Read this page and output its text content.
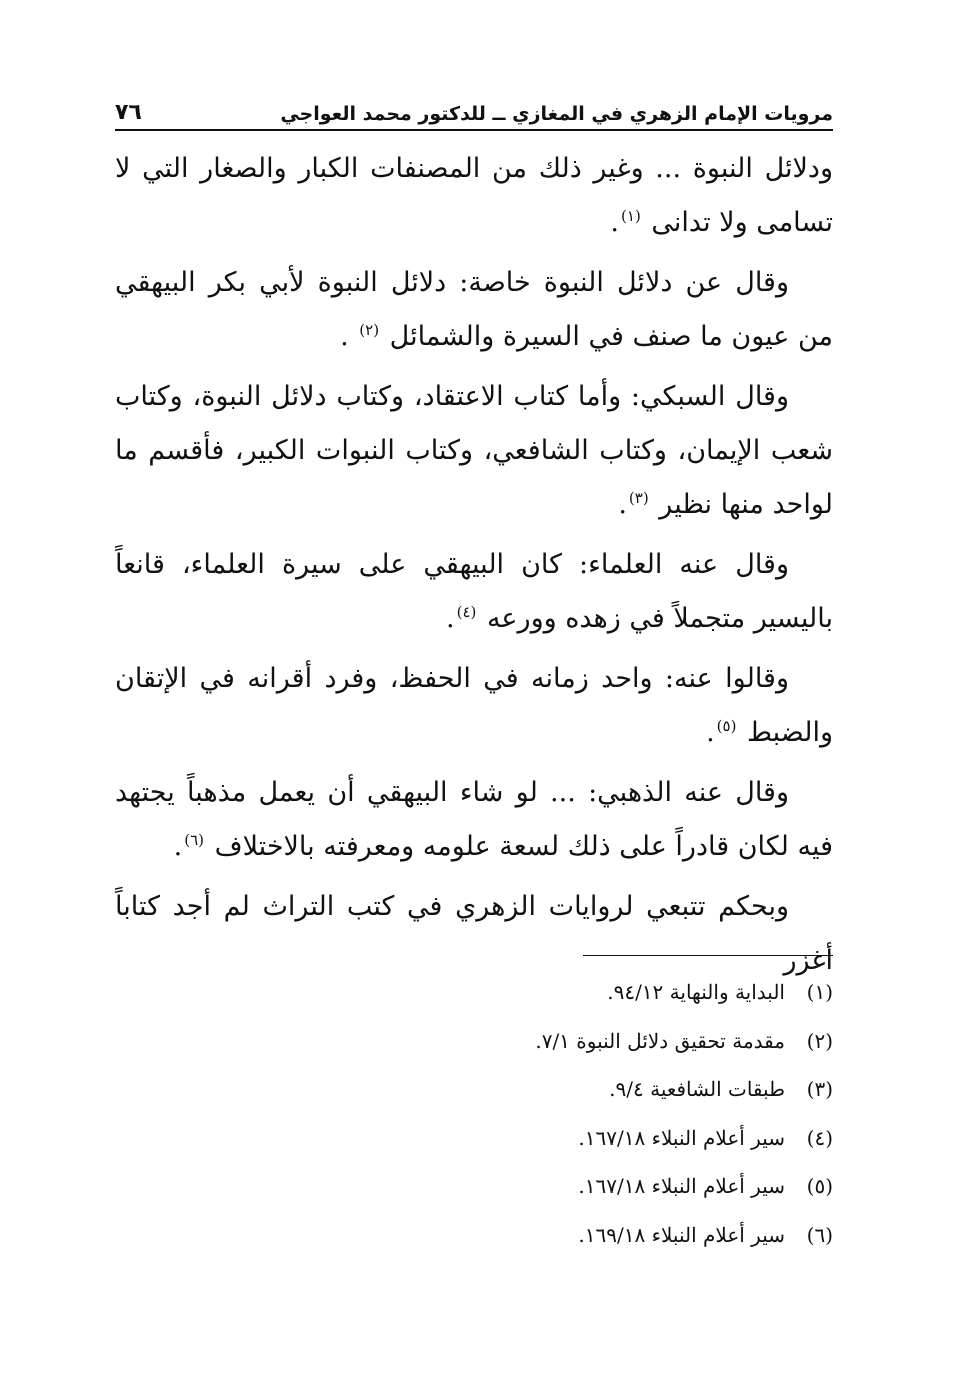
مرويات الإمام الزهري في المغازي ــ للدكتور محمد العواجي
٧٦

ودلائل النبوة ... وغير ذلك من المصنفات الكبار والصغار التي لا تسامى ولا تدانى $^{(١)}$.

وقال عن دلائل النبوة خاصة: دلائل النبوة لأبي بكر البيهقي من عيون ما صنف في السيرة والشمائل $^{(٢)}$ .

وقال السبكي: وأما كتاب الاعتقاد، وكتاب دلائل النبوة، وكتاب شعب الإيمان، وكتاب الشافعي، وكتاب النبوات الكبير، فأقسم ما لواحد منها نظير $^{(٣)}$.

وقال عنه العلماء: كان البيهقي على سيرة العلماء، قانعاً باليسير متجملاً في زهده وورعه $^{(٤)}$.

وقالوا عنه: واحد زمانه في الحفظ، وفرد أقرانه في الإتقان والضبط $^{(٥)}$.

وقال عنه الذهبي: ... لو شاء البيهقي أن يعمل مذهباً يجتهد فيه لكان قادراً على ذلك لسعة علومه ومعرفته بالاختلاف $^{(٦)}$.

وبحكم تتبعي لروايات الزهري في كتب التراث لم أجد كتاباً أغزر

(١)
البداية والنهاية ٩٤/١٢.
(٢)
مقدمة تحقيق دلائل النبوة ٧/١.
(٣)
طبقات الشافعية ٩/٤.
(٤)
سير أعلام النبلاء ١٦٧/١٨.
(٥)
سير أعلام النبلاء ١٦٧/١٨.
(٦)
سير أعلام النبلاء ١٦٩/١٨.
